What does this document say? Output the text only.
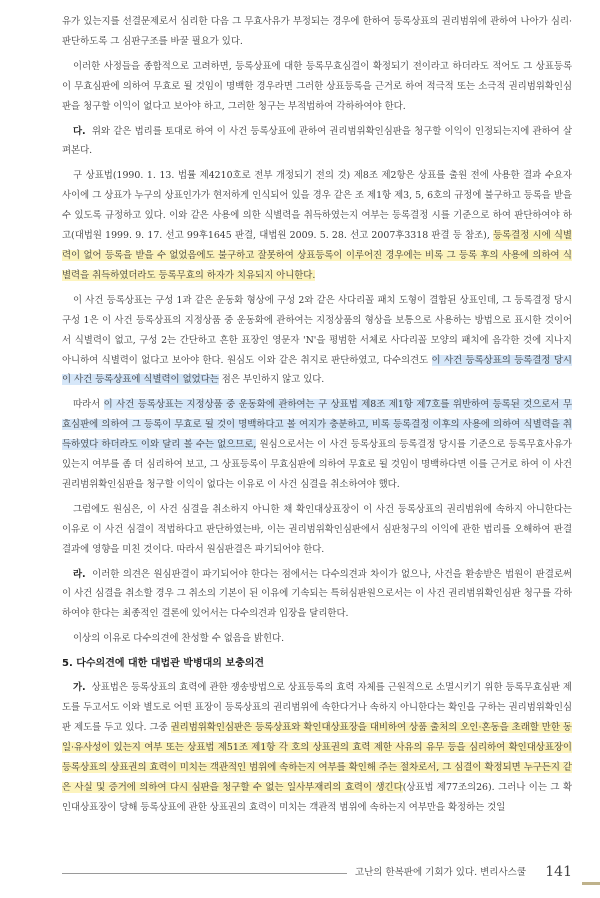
유가 있는지를 선결문제로서 심리한 다음 그 무효사유가 부정되는 경우에 한하여 등록상표의 권리범위에 관하여 나아가 심리·판단하도록 그 심판구조를 바꿀 필요가 있다.

이러한 사정들을 종합적으로 고려하면, 등록상표에 대한 등록무효심결이 확정되기 전이라고 하더라도 적어도 그 상표등록이 무효심판에 의하여 무효로 될 것임이 명백한 경우라면 그러한 상표등록을 근거로 하여 적극적 또는 소극적 권리범위확인심판을 청구할 이익이 없다고 보아야 하고, 그러한 청구는 부적법하여 각하하여야 한다.

다. 위와 같은 법리를 토대로 하여 이 사건 등록상표에 관하여 권리범위확인심판을 청구할 이익이 인정되는지에 관하여 살펴본다.

구 상표법(1990. 1. 13. 법률 제4210호로 전부 개정되기 전의 것) 제8조 제2항은 상표를 출원 전에 사용한 결과 수요자 사이에 그 상표가 누구의 상표인가가 현저하게 인식되어 있을 경우 같은 조 제1항 제3, 5, 6호의 규정에 불구하고 등록을 받을 수 있도록 규정하고 있다. 이와 같은 사용에 의한 식별력을 취득하였는지 여부는 등록결정 시를 기준으로 하여 판단하여야 하고(대법원 1999. 9. 17. 선고 99후1645 판결, 대법원 2009. 5. 28. 선고 2007후3318 판결 등 참조), 등록결정 시에 식별력이 없어 등록을 받을 수 없었음에도 불구하고 잘못하여 상표등록이 이루어진 경우에는 비록 그 등록 후의 사용에 의하여 식별력을 취득하였더라도 등록무효의 하자가 치유되지 아니한다.

이 사건 등록상표는 구성 1과 같은 운동화 형상에 구성 2와 같은 사다리꼴 패치 도형이 결합된 상표인데, 그 등록결정 당시 구성 1은 이 사건 등록상표의 지정상품 중 운동화에 관하여는 지정상품의 형상을 보통으로 사용하는 방법으로 표시한 것이어서 식별력이 없고, 구성 2는 간단하고 흔한 표장인 영문자 'N'을 평범한 서체로 사다리꼴 모양의 패치에 음각한 것에 지나지 아니하여 식별력이 없다고 보아야 한다. 원심도 이와 같은 취지로 판단하였고, 다수의견도 이 사건 등록상표의 등록결정 당시 이 사건 등록상표에 식별력이 없었다는 점은 부인하지 않고 있다.

따라서 이 사건 등록상표는 지정상품 중 운동화에 관하여는 구 상표법 제8조 제1항 제7호를 위반하여 등록된 것으로서 무효심판에 의하여 그 등록이 무효로 될 것이 명백하다고 볼 여지가 충분하고, 비록 등록결정 이후의 사용에 의하여 식별력을 취득하였다 하더라도 이와 달리 볼 수는 없으므로, 원심으로서는 이 사건 등록상표의 등록결정 당시를 기준으로 등록무효사유가 있는지 여부를 좀 더 심리하여 보고, 그 상표등록이 무효심판에 의하여 무효로 될 것임이 명백하다면 이를 근거로 하여 이 사건 권리범위확인심판을 청구할 이익이 없다는 이유로 이 사건 심결을 취소하여야 했다.

그럼에도 원심은, 이 사건 심결을 취소하지 아니한 채 확인대상표장이 이 사건 등록상표의 권리범위에 속하지 아니한다는 이유로 이 사건 심결이 적법하다고 판단하였는바, 이는 권리범위확인심판에서 심판청구의 이익에 관한 법리를 오해하여 판결 결과에 영향을 미친 것이다. 따라서 원심판결은 파기되어야 한다.

라. 이러한 의견은 원심판결이 파기되어야 한다는 점에서는 다수의견과 차이가 없으나, 사건을 환송받은 법원이 판결로써 이 사건 심결을 취소할 경우 그 취소의 기본이 된 이유에 기속되는 특허심판원으로서는 이 사건 권리범위확인심판 청구를 각하하여야 한다는 최종적인 결론에 있어서는 다수의견과 입장을 달리한다.

이상의 이유로 다수의견에 찬성할 수 없음을 밝힌다.

5. 다수의견에 대한 대법관 박병대의 보충의견

가. 상표법은 등록상표의 효력에 관한 쟁송방법으로 상표등록의 효력 자체를 근원적으로 소멸시키기 위한 등록무효심판 제도를 두고서도 이와 별도로 어떤 표장이 등록상표의 권리범위에 속한다거나 속하지 아니한다는 확인을 구하는 권리범위확인심판 제도를 두고 있다. 그중 권리범위확인심판은 등록상표와 확인대상표장을 대비하여 상품 출처의 오인·혼동을 초래할 만한 동일·유사성이 있는지 여부 또는 상표법 제51조 제1항 각 호의 상표권의 효력 제한 사유의 유무 등을 심리하여 확인대상표장이 등록상표의 상표권의 효력이 미치는 객관적인 범위에 속하는지 여부를 확인해 주는 절차로서, 그 심결이 확정되면 누구든지 같은 사실 및 증거에 의하여 다시 심판을 청구할 수 없는 일사부재리의 효력이 생긴다(상표법 제77조의26). 그러나 이는 그 확인대상표장이 당해 등록상표에 관한 상표권의 효력이 미치는 객관적 범위에 속하는지 여부만을 확정하는 것일

고난의 한복판에 기회가 있다. 변리사스쿨 141
